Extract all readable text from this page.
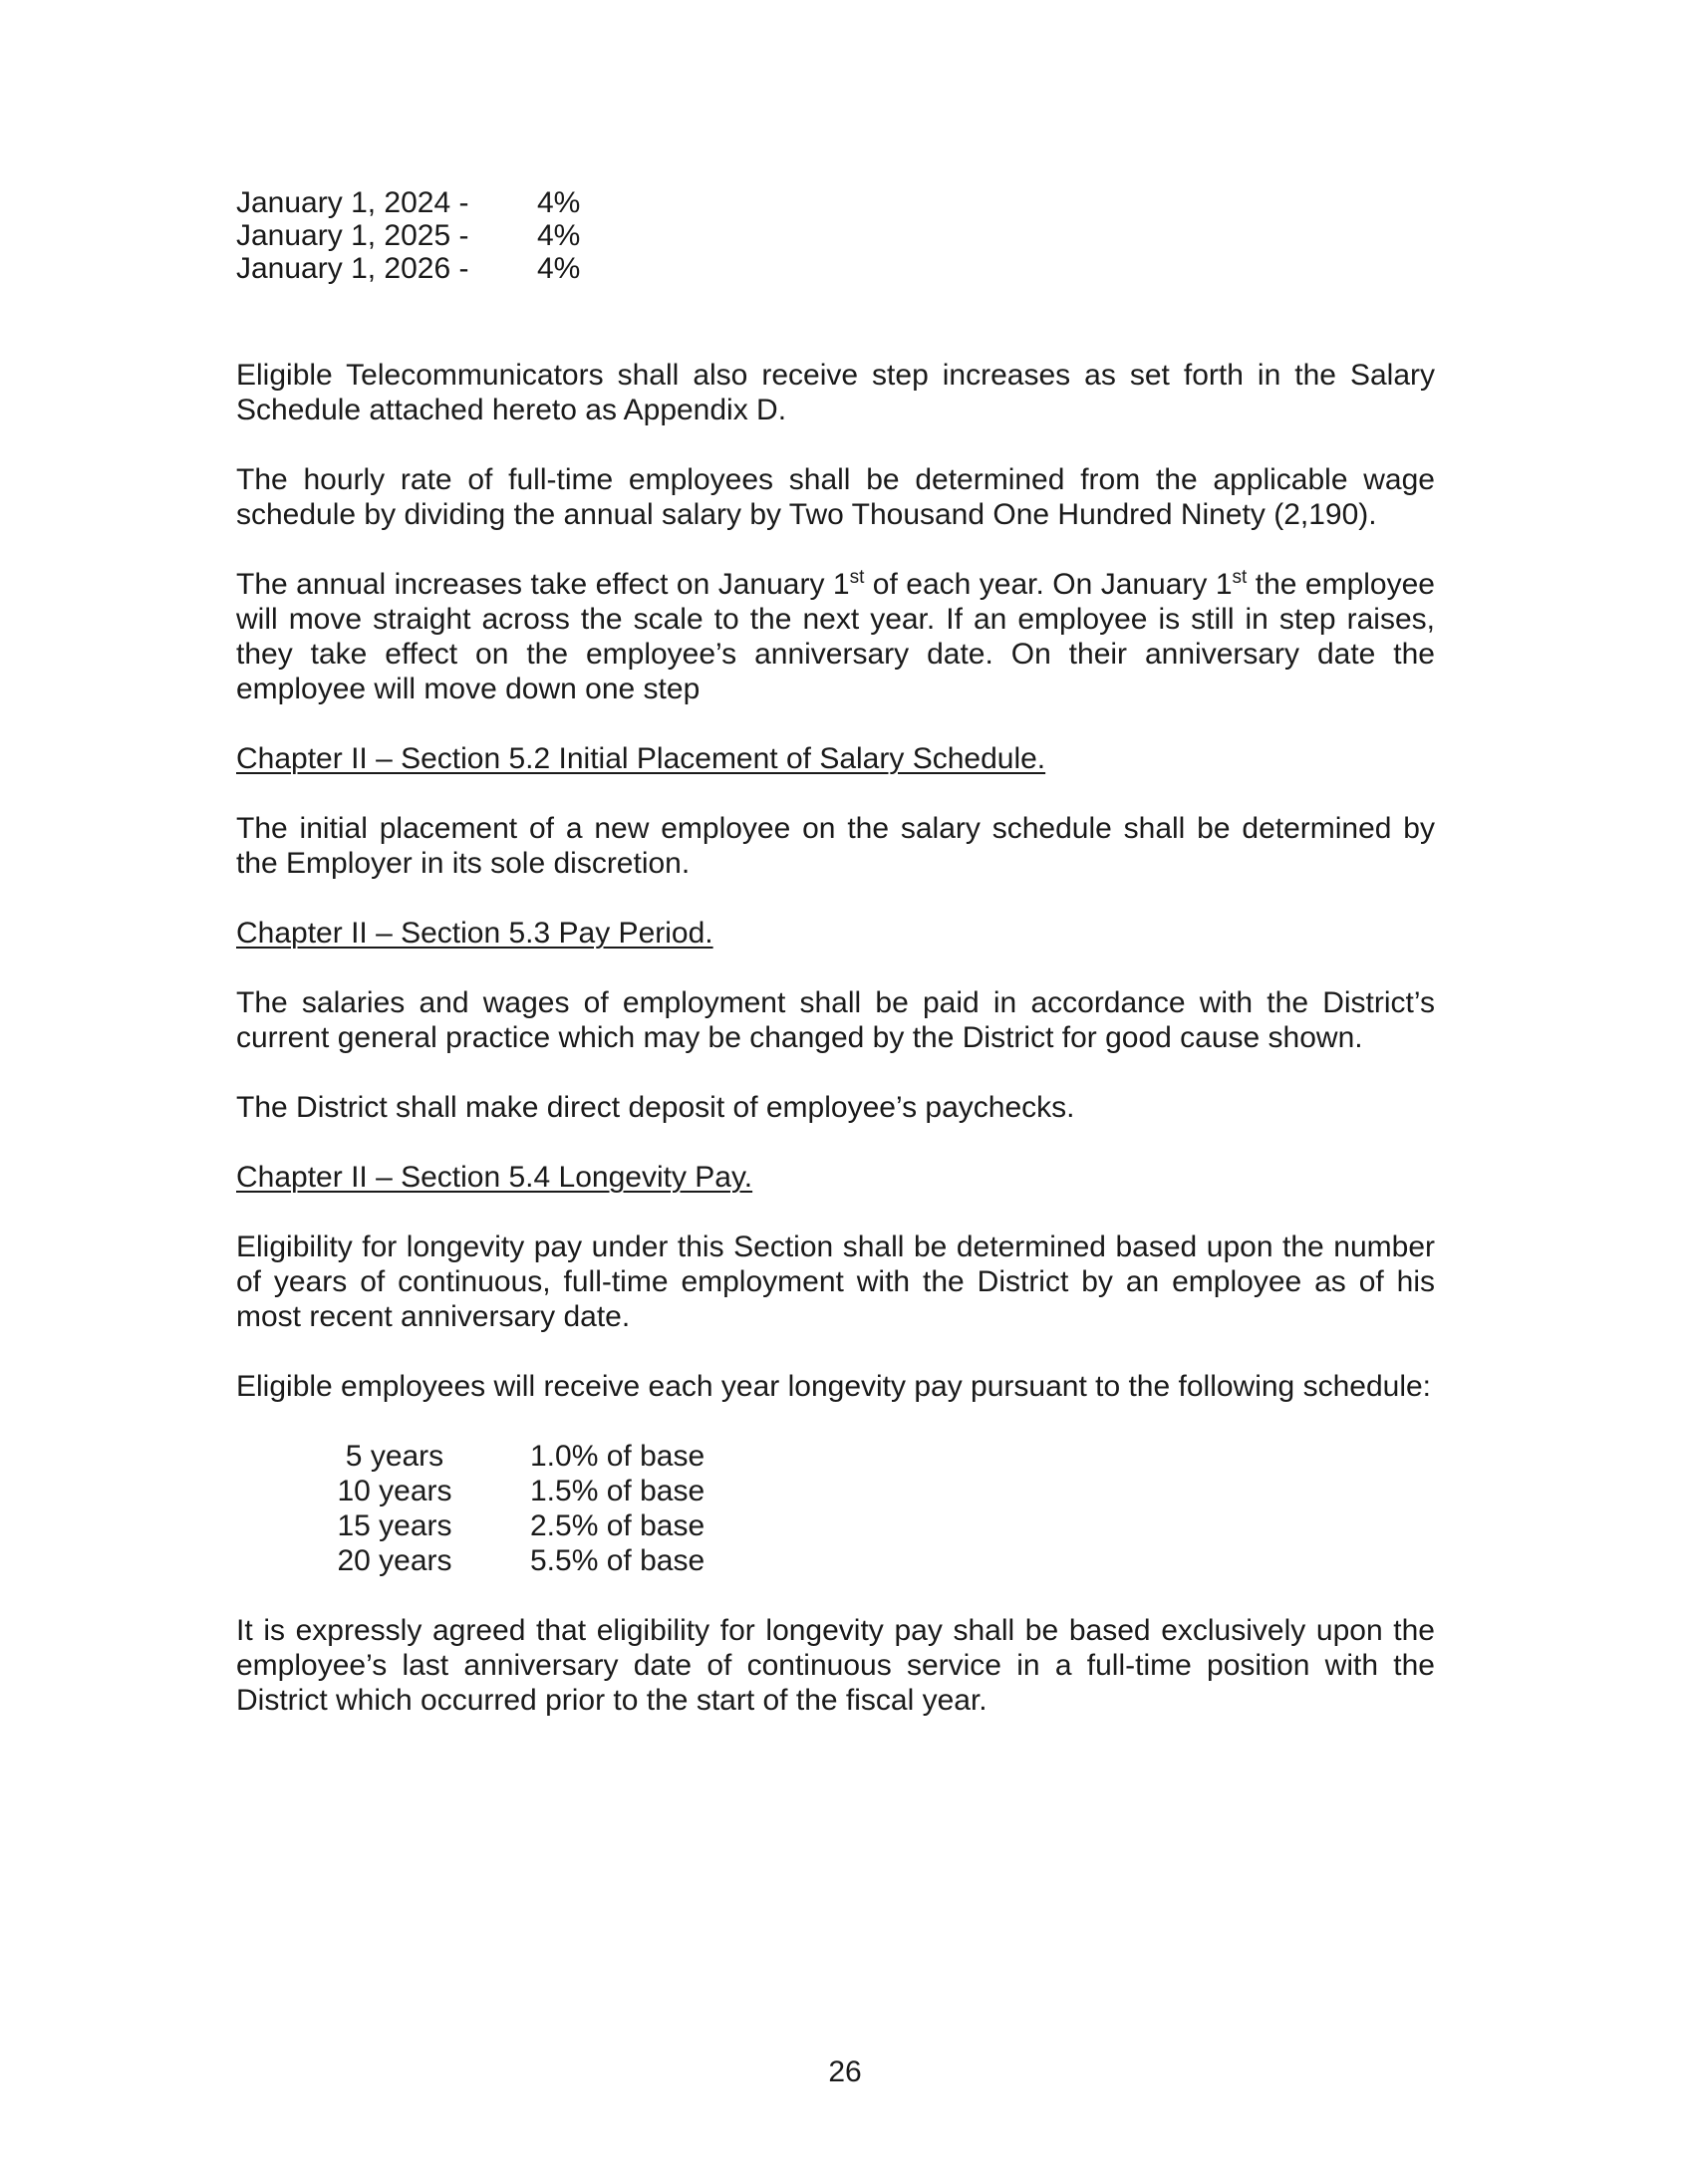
January 1, 2024 -	4%
January 1, 2025 -	4%
January 1, 2026 -	4%

Eligible Telecommunicators shall also receive step increases as set forth in the Salary Schedule attached hereto as Appendix D.

The hourly rate of full-time employees shall be determined from the applicable wage schedule by dividing the annual salary by Two Thousand One Hundred Ninety (2,190).

The annual increases take effect on January 1st of each year. On January 1st the employee will move straight across the scale to the next year. If an employee is still in step raises, they take effect on the employee’s anniversary date. On their anniversary date the employee will move down one step

Chapter II – Section 5.2 Initial Placement of Salary Schedule.

The initial placement of a new employee on the salary schedule shall be determined by the Employer in its sole discretion.

Chapter II – Section 5.3 Pay Period.

The salaries and wages of employment shall be paid in accordance with the District’s current general practice which may be changed by the District for good cause shown.

The District shall make direct deposit of employee’s paychecks.

Chapter II – Section 5.4 Longevity Pay.

Eligibility for longevity pay under this Section shall be determined based upon the number of years of continuous, full-time employment with the District by an employee as of his most recent anniversary date.

Eligible employees will receive each year longevity pay pursuant to the following schedule:

5 years	1.0% of base
10 years	1.5% of base
15 years	2.5% of base
20 years	5.5% of base

It is expressly agreed that eligibility for longevity pay shall be based exclusively upon the employee’s last anniversary date of continuous service in a full-time position with the District which occurred prior to the start of the fiscal year.

26
